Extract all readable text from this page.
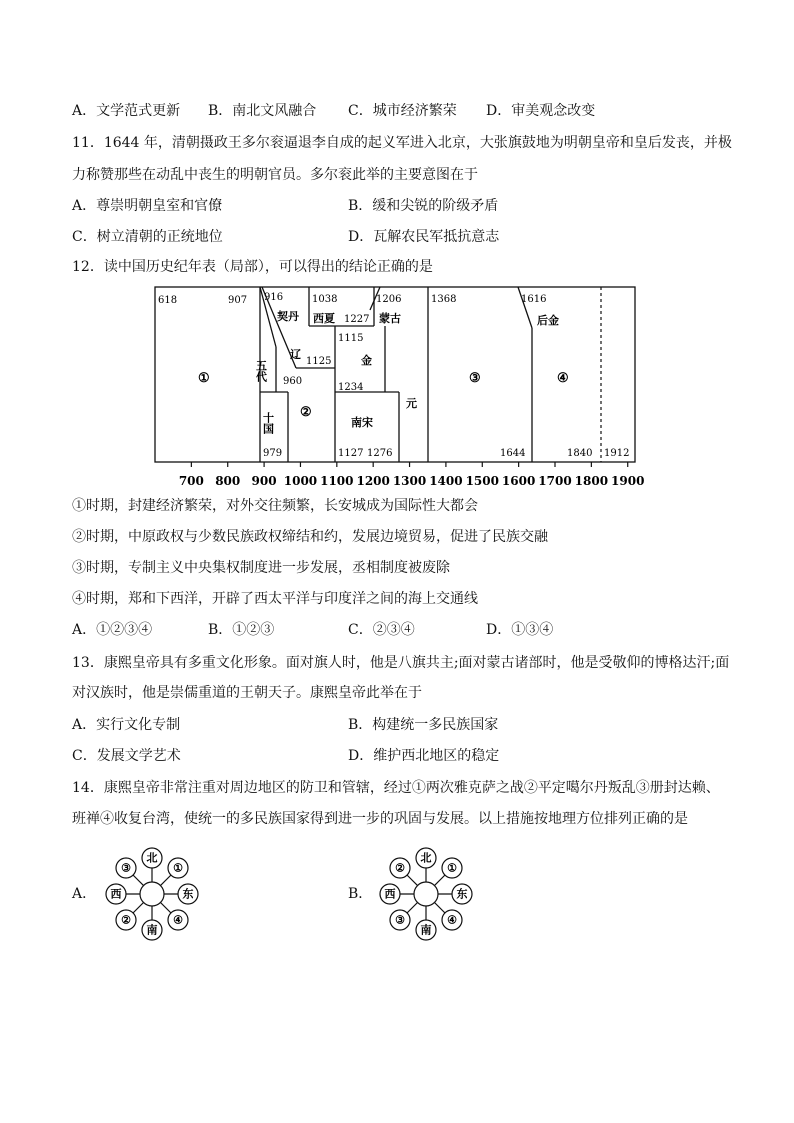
A．文学范式更新 B．南北文风融合 C．城市经济繁荣 D．审美观念改变
11．1644 年，清朝摄政王多尔衮逼退李自成的起义军进入北京，大张旗鼓地为明朝皇帝和皇后发丧，并极
力称赞那些在动乱中丧生的明朝官员。多尔衮此举的主要意图在于
A．尊崇明朝皇室和官僚	B．缓和尖锐的阶级矛盾
C．树立清朝的正统地位	D．瓦解农民军抵抗意志
12．读中国历史纪年表（局部），可以得出的结论正确的是
618	907 916	1038	1206
1227
1115
1125
960
1234
979	1127 1276
1368
1644
1616
1840 1912
①
契丹
辽
西夏	蒙古
金
五代
十国 ②
南宋
元
③
后金
④
700 800 900 1000 1100 1200 1300 1400 1500 1600 1700 1800 1900
①时期，封建经济繁荣，对外交往频繁，长安城成为国际性大都会
②时期，中原政权与少数民族政权缔结和约，发展边境贸易，促进了民族交融
③时期，专制主义中央集权制度进一步发展，丞相制度被废除
④时期，郑和下西洋，开辟了西太平洋与印度洋之间的海上交通线
A．①②③④	B．①②③	C．②③④	D．①③④
13．康熙皇帝具有多重文化形象。面对旗人时，他是八旗共主;面对蒙古诸部时，他是受敬仰的博格达汗;面
对汉族时，他是崇儒重道的王朝天子。康熙皇帝此举在于
A．实行文化专制	B．构建统一多民族国家
C．发展文学艺术	D．维护西北地区的稳定
14．康熙皇帝非常注重对周边地区的防卫和管辖，经过①两次雅克萨之战②平定噶尔丹叛乱③册封达赖、
班禅④收复台湾，使统一的多民族国家得到进一步的巩固与发展。以上措施按地理方位排列正确的是
A．
北
南
西	东
③	①
②	④
B．
北
南
西	东
②	①
③	④
